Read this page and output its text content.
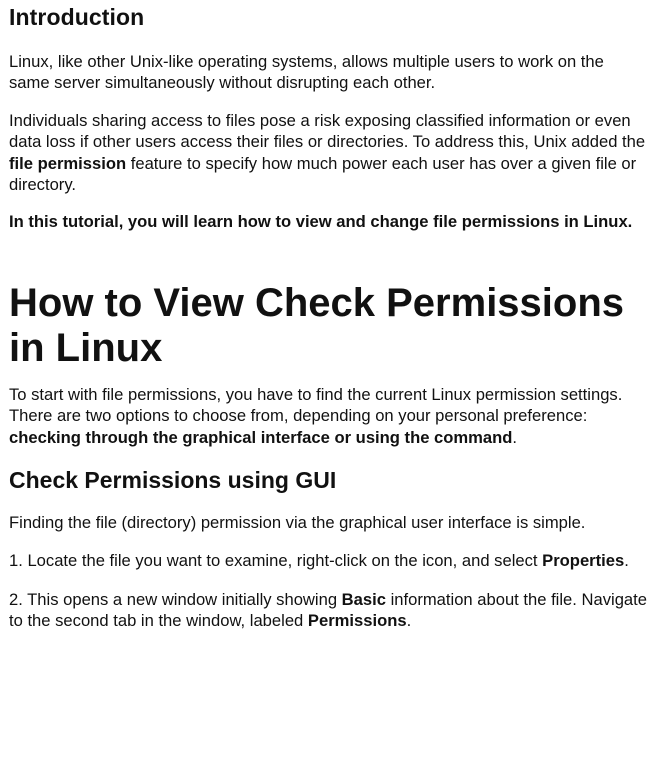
Introduction

Linux, like other Unix-like operating systems, allows multiple users to work on the same server simultaneously without disrupting each other.

Individuals sharing access to files pose a risk exposing classified information or even data loss if other users access their files or directories. To address this, Unix added the file permission feature to specify how much power each user has over a given file or directory.

In this tutorial, you will learn how to view and change file permissions in Linux.

How to View Check Permissions in Linux

To start with file permissions, you have to find the current Linux permission settings. There are two options to choose from, depending on your personal preference: checking through the graphical interface or using the command.

Check Permissions using GUI

Finding the file (directory) permission via the graphical user interface is simple.

1. Locate the file you want to examine, right-click on the icon, and select Properties.

2. This opens a new window initially showing Basic information about the file. Navigate to the second tab in the window, labeled Permissions.
